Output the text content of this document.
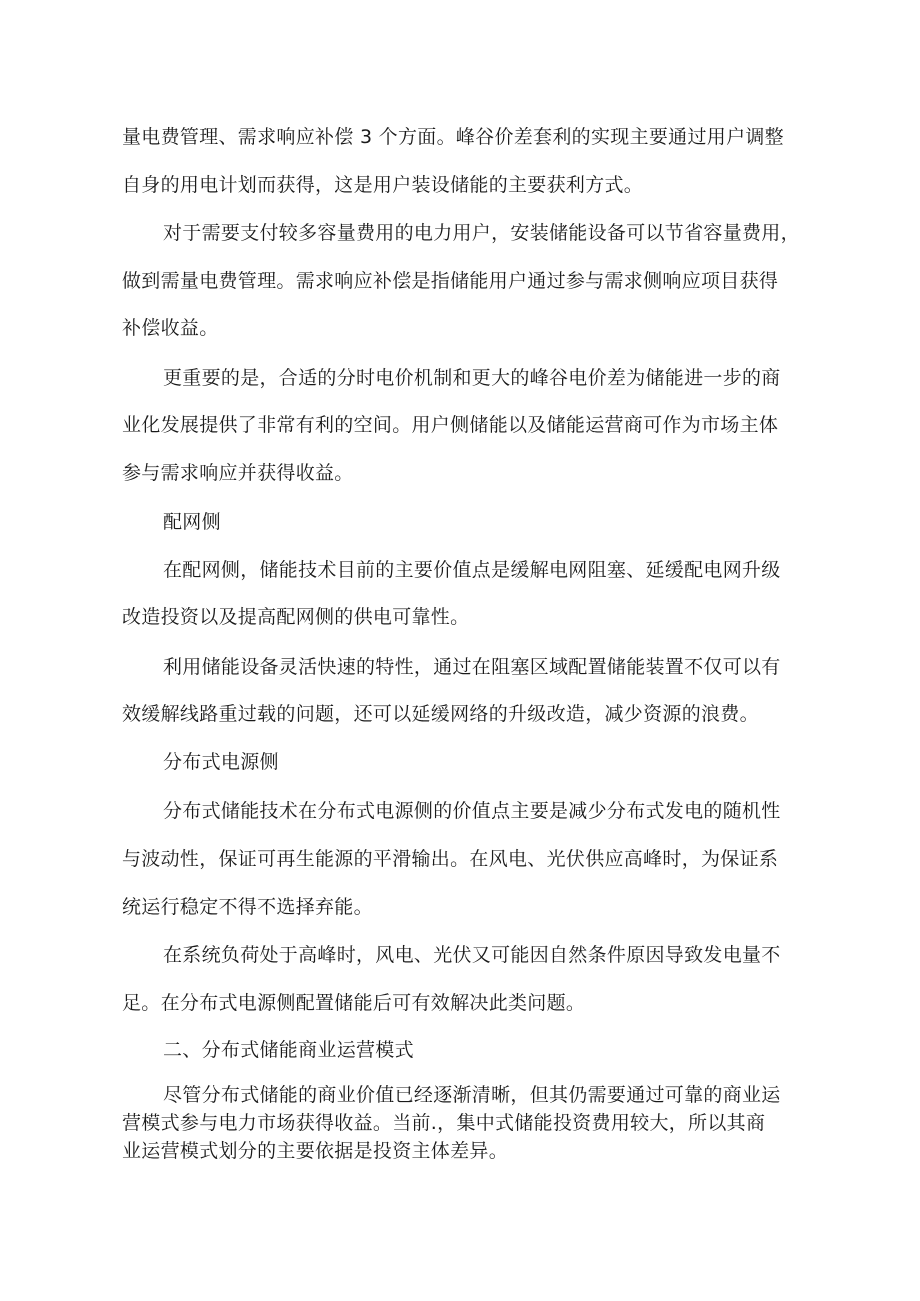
量电费管理、需求响应补偿 3 个方面。峰谷价差套利的实现主要通过用户调整
自身的用电计划而获得，这是用户装设储能的主要获利方式。
对于需要支付较多容量费用的电力用户，安装储能设备可以节省容量费用，
做到需量电费管理。需求响应补偿是指储能用户通过参与需求侧响应项目获得
补偿收益。
更重要的是，合适的分时电价机制和更大的峰谷电价差为储能进一步的商
业化发展提供了非常有利的空间。用户侧储能以及储能运营商可作为市场主体
参与需求响应并获得收益。
配网侧
在配网侧，储能技术目前的主要价值点是缓解电网阻塞、延缓配电网升级
改造投资以及提高配网侧的供电可靠性。
利用储能设备灵活快速的特性，通过在阻塞区域配置储能装置不仅可以有
效缓解线路重过载的问题，还可以延缓网络的升级改造，减少资源的浪费。
分布式电源侧
分布式储能技术在分布式电源侧的价值点主要是减少分布式发电的随机性
与波动性，保证可再生能源的平滑输出。在风电、光伏供应高峰时，为保证系
统运行稳定不得不选择弃能。
在系统负荷处于高峰时，风电、光伏又可能因自然条件原因导致发电量不
足。在分布式电源侧配置储能后可有效解决此类问题。
二、分布式储能商业运营模式
尽管分布式储能的商业价值已经逐渐清晰，但其仍需要通过可靠的商业运
营模式参与电力市场获得收益。当前.，集中式储能投资费用较大，所以其商
业运营模式划分的主要依据是投资主体差异。
